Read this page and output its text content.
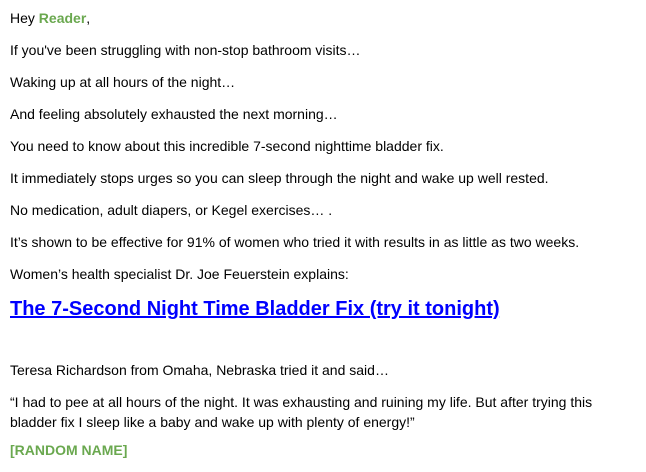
Hey Reader,

If you've been struggling with non-stop bathroom visits…

Waking up at all hours of the night…

And feeling absolutely exhausted the next morning…

You need to know about this incredible 7-second nighttime bladder fix.

It immediately stops urges so you can sleep through the night and wake up well rested.

No medication, adult diapers, or Kegel exercises… .

It’s shown to be effective for 91% of women who tried it with results in as little as two weeks.

Women’s health specialist Dr. Joe Feuerstein explains:

The 7-Second Night Time Bladder Fix (try it tonight)

Teresa Richardson from Omaha, Nebraska tried it and said…

“I had to pee at all hours of the night. It was exhausting and ruining my life. But after trying this bladder fix I sleep like a baby and wake up with plenty of energy!”

[RANDOM NAME]
